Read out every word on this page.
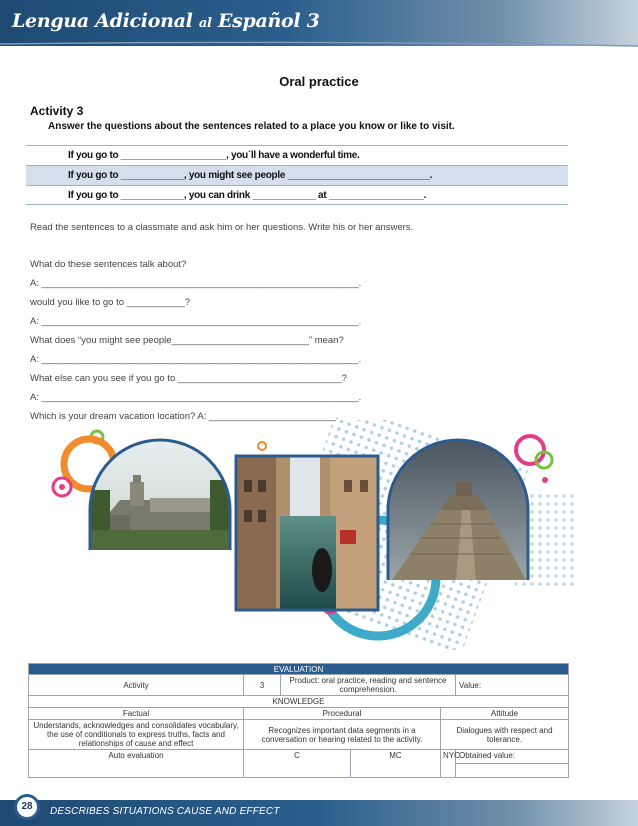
Lengua Adicional al Español 3
Oral practice
Activity 3
Answer the questions about the sentences related to a place you know or like to visit.
If you go to ____________________, you´ll have a wonderful time.
If you go to ____________, you might see people ___________________________.
If you go to ____________, you can drink ____________ at __________________.
Read the sentences to a classmate and ask him or her questions. Write his or her answers.
What do these sentences talk about?
A: ____________________________________________________________.
would you like to go to ___________?
A: ____________________________________________________________.
What does “you might see people__________________________” mean?
A: ____________________________________________________________.
What else can you see if you go to _______________________________?
A: ____________________________________________________________.
Which is your dream vacation location? A: ________________________.
EVALUATION					
Activity	3	Product: oral practice, reading and sentence comprehension.			Value:
KNOWLEDGE					
Factual	Procedural			Attitude	
Understands, acknowledges and consolidates vocabulary, the use of conditionals to express truths, facts and relationships of cause and effect	Recognizes important data segments in a conversation or hearing related to the activity.			Dialogues with respect and tolerance.	
Auto evaluation	C		MC	NYC	Obtained value:

28	DESCRIBES SITUATIONS CAUSE AND EFFECT
